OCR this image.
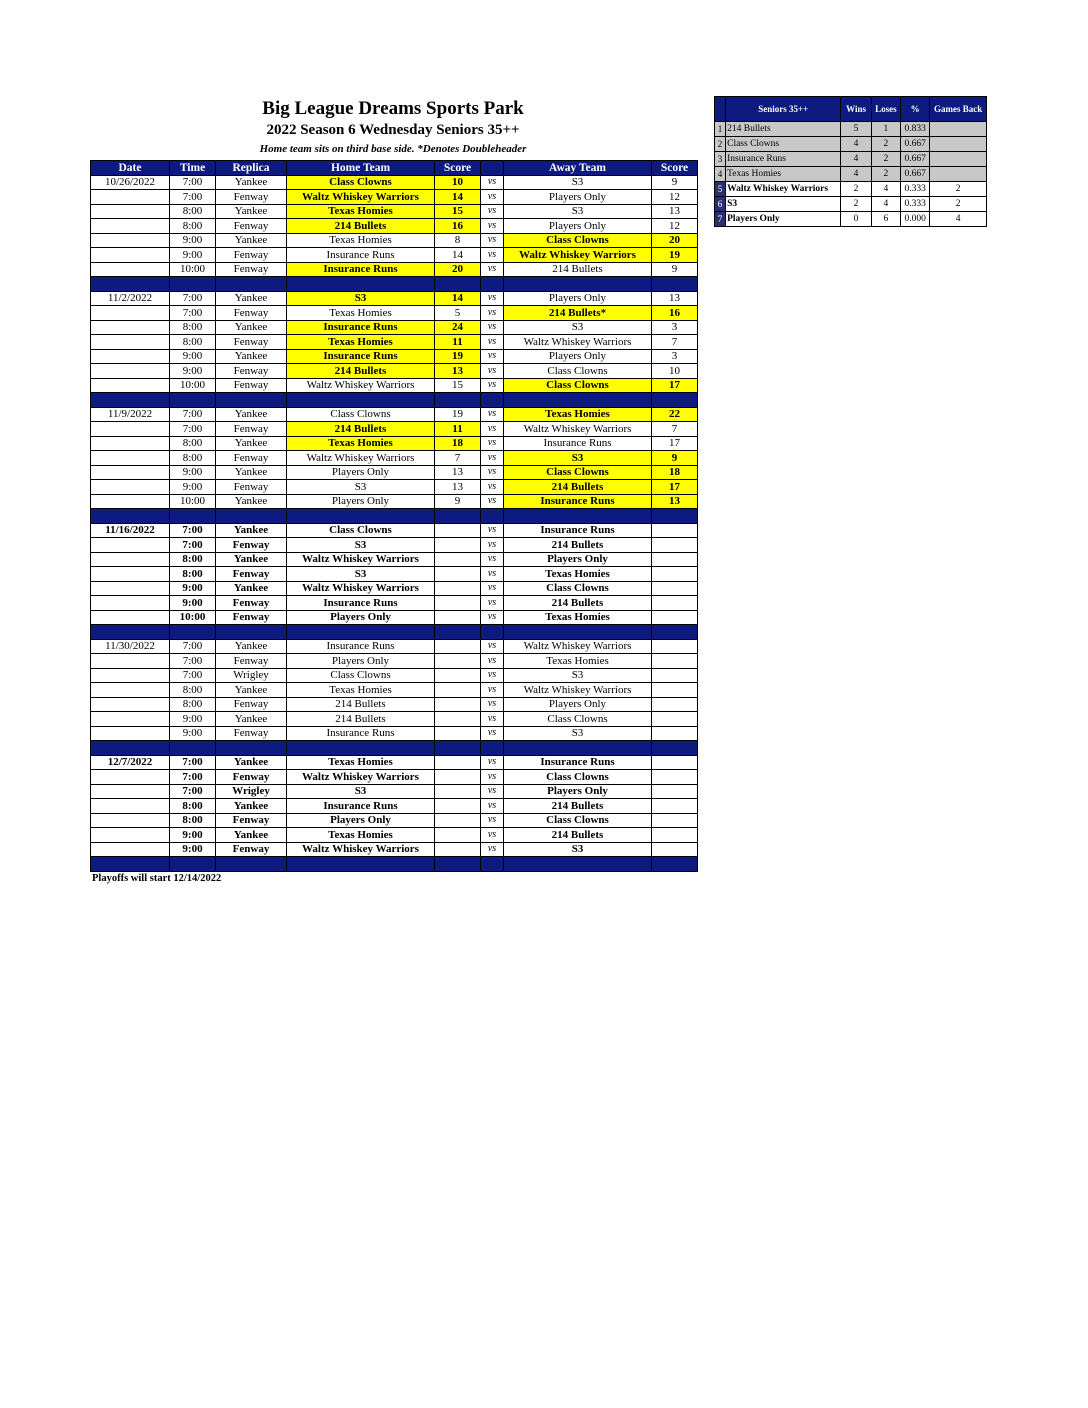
Big League Dreams Sports Park
2022 Season 6 Wednesday Seniors 35++
Home team sits on third base side. *Denotes Doubleheader
Date	Time	Replica	Home Team	Score		Away Team	Score
10/26/2022	7:00	Yankee	Class Clowns	10	vs	S3	9
	7:00	Fenway	Waltz Whiskey Warriors	14	vs	Players Only	12
	8:00	Yankee	Texas Homies	15	vs	S3	13
	8:00	Fenway	214 Bullets	16	vs	Players Only	12
	9:00	Yankee	Texas Homies	8	vs	Class Clowns	20
	9:00	Fenway	Insurance Runs	14	vs	Waltz Whiskey Warriors	19
	10:00	Fenway	Insurance Runs	20	vs	214 Bullets	9

11/2/2022	7:00	Yankee	S3	14	vs	Players Only	13
	7:00	Fenway	Texas Homies	5	vs	214 Bullets*	16
	8:00	Yankee	Insurance Runs	24	vs	S3	3
	8:00	Fenway	Texas Homies	11	vs	Waltz Whiskey Warriors	7
	9:00	Yankee	Insurance Runs	19	vs	Players Only	3
	9:00	Fenway	214 Bullets	13	vs	Class Clowns	10
	10:00	Fenway	Waltz Whiskey Warriors	15	vs	Class Clowns	17

11/9/2022	7:00	Yankee	Class Clowns	19	vs	Texas Homies	22
	7:00	Fenway	214 Bullets	11	vs	Waltz Whiskey Warriors	7
	8:00	Yankee	Texas Homies	18	vs	Insurance Runs	17
	8:00	Fenway	Waltz Whiskey Warriors	7	vs	S3	9
	9:00	Yankee	Players Only	13	vs	Class Clowns	18
	9:00	Fenway	S3	13	vs	214 Bullets	17
	10:00	Yankee	Players Only	9	vs	Insurance Runs	13

11/16/2022	7:00	Yankee	Class Clowns		vs	Insurance Runs	
	7:00	Fenway	S3		vs	214 Bullets	
	8:00	Yankee	Waltz Whiskey Warriors		vs	Players Only	
	8:00	Fenway	S3		vs	Texas Homies	
	9:00	Yankee	Waltz Whiskey Warriors		vs	Class Clowns	
	9:00	Fenway	Insurance Runs		vs	214 Bullets	
	10:00	Fenway	Players Only		vs	Texas Homies	

11/30/2022	7:00	Yankee	Insurance Runs		vs	Waltz Whiskey Warriors	
	7:00	Fenway	Players Only		vs	Texas Homies	
	7:00	Wrigley	Class Clowns		vs	S3	
	8:00	Yankee	Texas Homies		vs	Waltz Whiskey Warriors	
	8:00	Fenway	214 Bullets		vs	Players Only	
	9:00	Yankee	214 Bullets		vs	Class Clowns	
	9:00	Fenway	Insurance Runs		vs	S3	

12/7/2022	7:00	Yankee	Texas Homies		vs	Insurance Runs	
	7:00	Fenway	Waltz Whiskey Warriors		vs	Class Clowns	
	7:00	Wrigley	S3		vs	Players Only	
	8:00	Yankee	Insurance Runs		vs	214 Bullets	
	8:00	Fenway	Players Only		vs	Class Clowns	
	9:00	Yankee	Texas Homies		vs	214 Bullets	
	9:00	Fenway	Waltz Whiskey Warriors		vs	S3	

Playoffs will start 12/14/2022
	Seniors 35++	Wins	Loses	%	Games Back
1	214 Bullets	5	1	0.833	
2	Class Clowns	4	2	0.667	
3	Insurance Runs	4	2	0.667	
4	Texas Homies	4	2	0.667	
5	Waltz Whiskey Warriors	2	4	0.333	2
6	S3	2	4	0.333	2
7	Players Only	0	6	0.000	4
